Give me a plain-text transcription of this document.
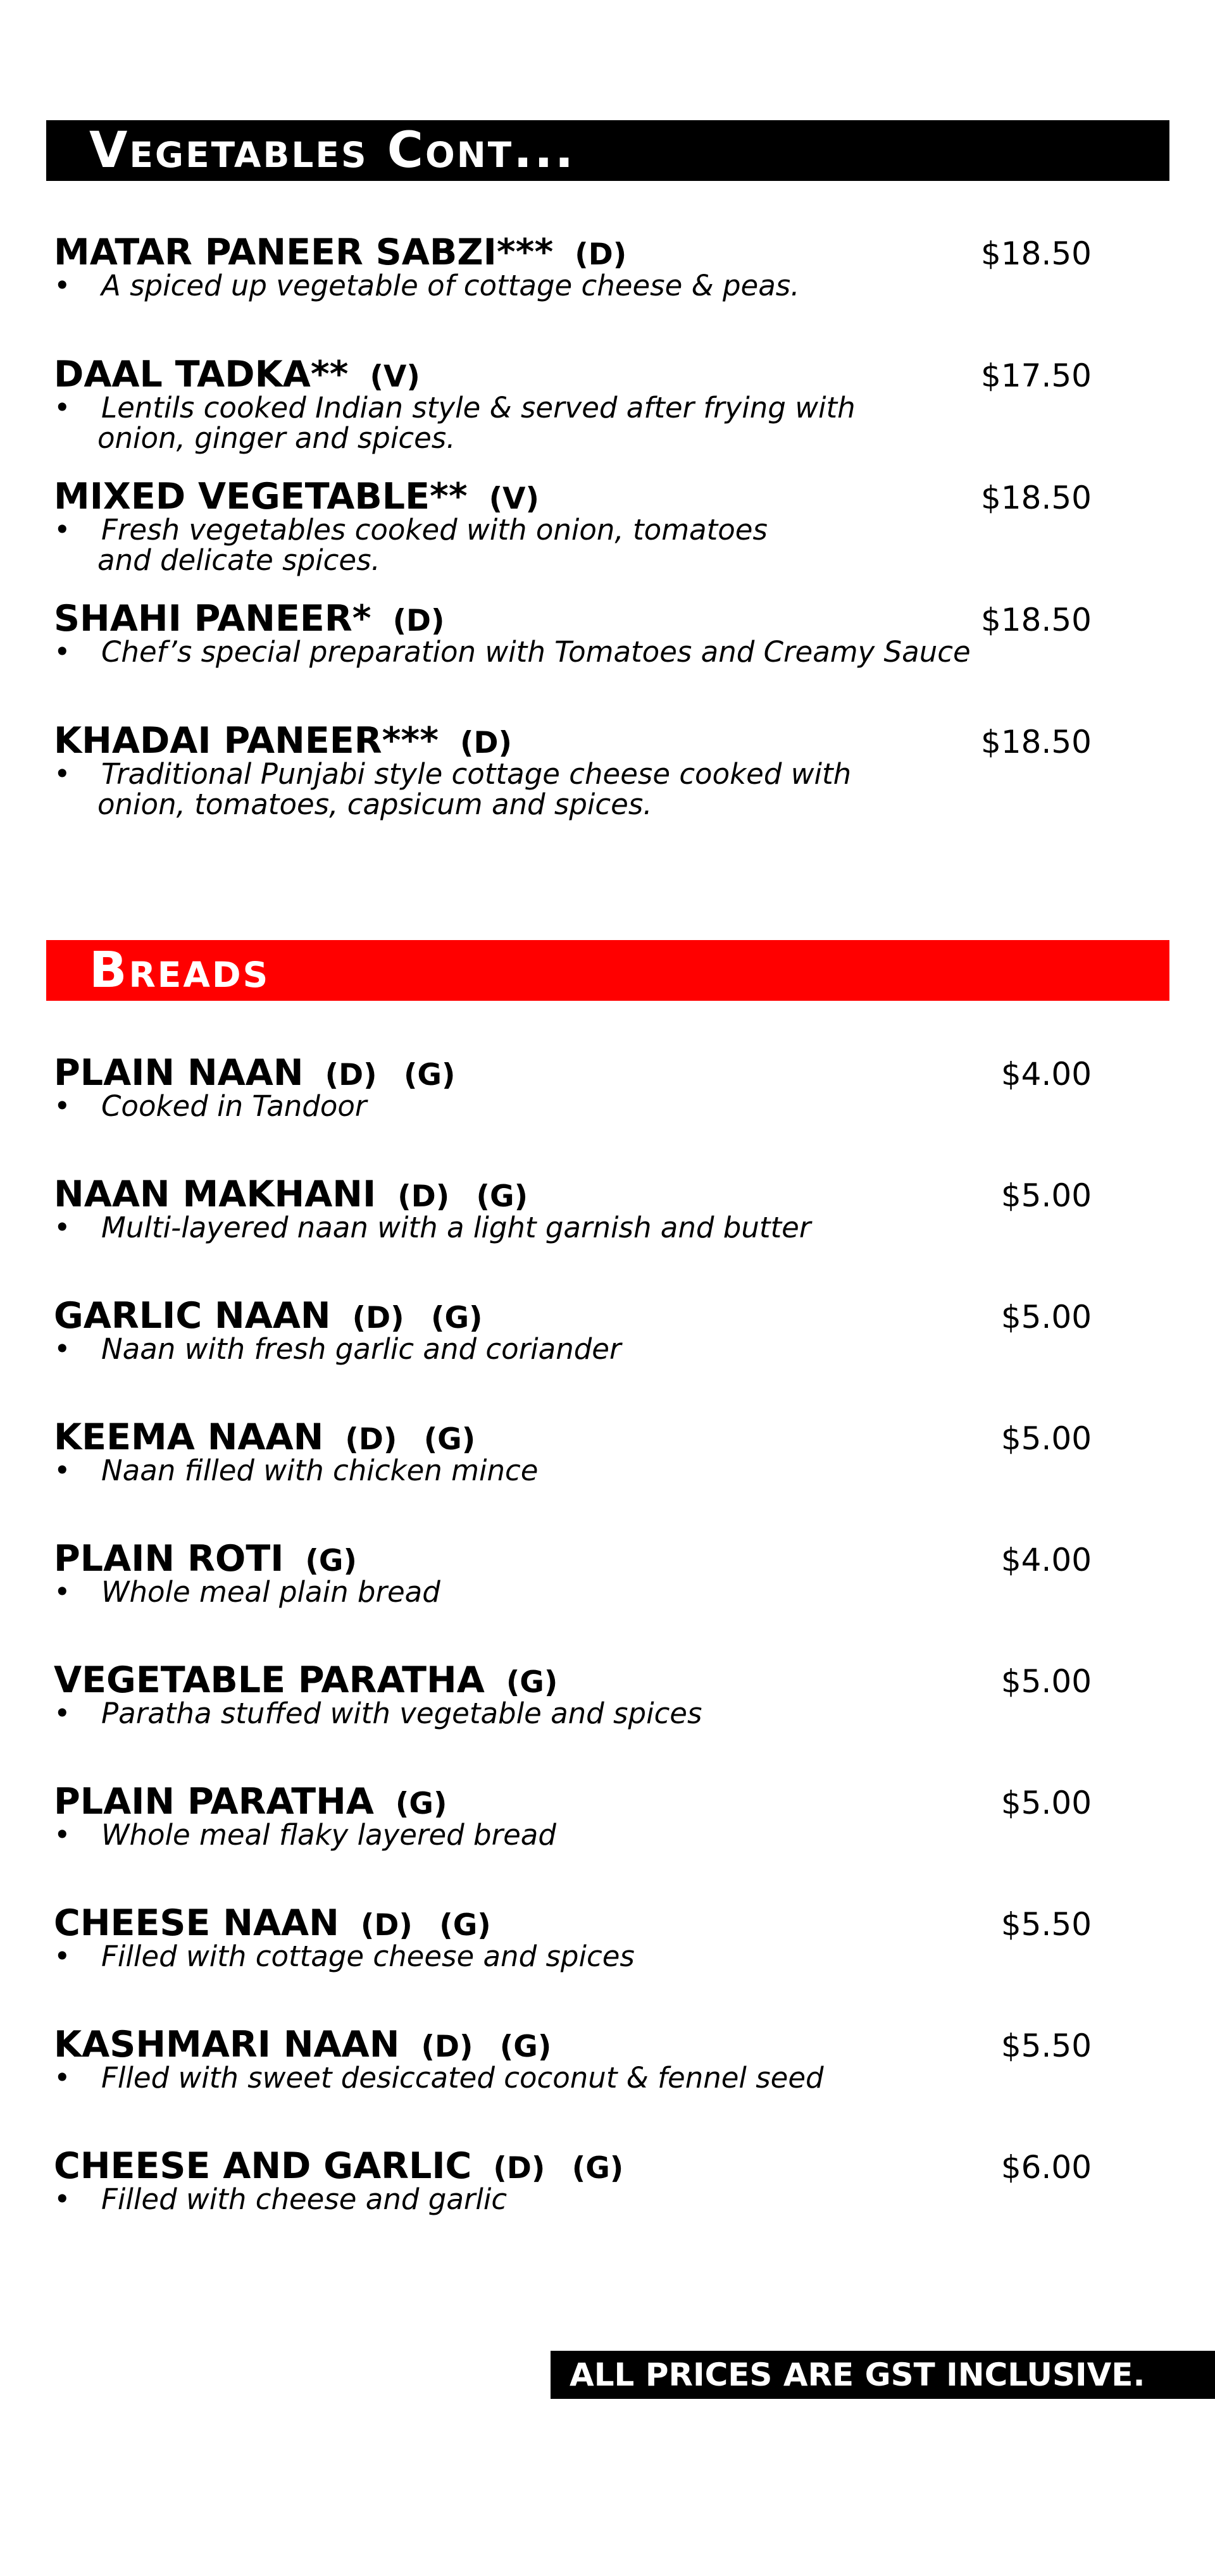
Vegetables Cont...
MATAR PANEER SABZI*** (D)	$18.50
• A spiced up vegetable of cottage cheese & peas.
DAAL TADKA** (V)	$17.50
• Lentils cooked Indian style & served after frying with
onion, ginger and spices.
MIXED VEGETABLE** (V)	$18.50
• Fresh vegetables cooked with onion, tomatoes
and delicate spices.
SHAHI PANEER* (D)	$18.50
• Chef’s special preparation with Tomatoes and Creamy Sauce
KHADAI PANEER*** (D)	$18.50
• Traditional Punjabi style cottage cheese cooked with
onion, tomatoes, capsicum and spices.
Breads
PLAIN NAAN (D) (G)	$4.00
• Cooked in Tandoor
NAAN MAKHANI (D) (G)	$5.00
• Multi-layered naan with a light garnish and butter
GARLIC NAAN (D) (G)	$5.00
• Naan with fresh garlic and coriander
KEEMA NAAN (D) (G)	$5.00
• Naan filled with chicken mince
PLAIN ROTI (G)	$4.00
• Whole meal plain bread
VEGETABLE PARATHA (G)	$5.00
• Paratha stuffed with vegetable and spices
PLAIN PARATHA (G)	$5.00
• Whole meal flaky layered bread
CHEESE NAAN (D) (G)	$5.50
• Filled with cottage cheese and spices
KASHMARI NAAN (D) (G)	$5.50
• Flled with sweet desiccated coconut & fennel seed
CHEESE AND GARLIC (D) (G)	$6.00
• Filled with cheese and garlic
ALL PRICES ARE GST INCLUSIVE.
